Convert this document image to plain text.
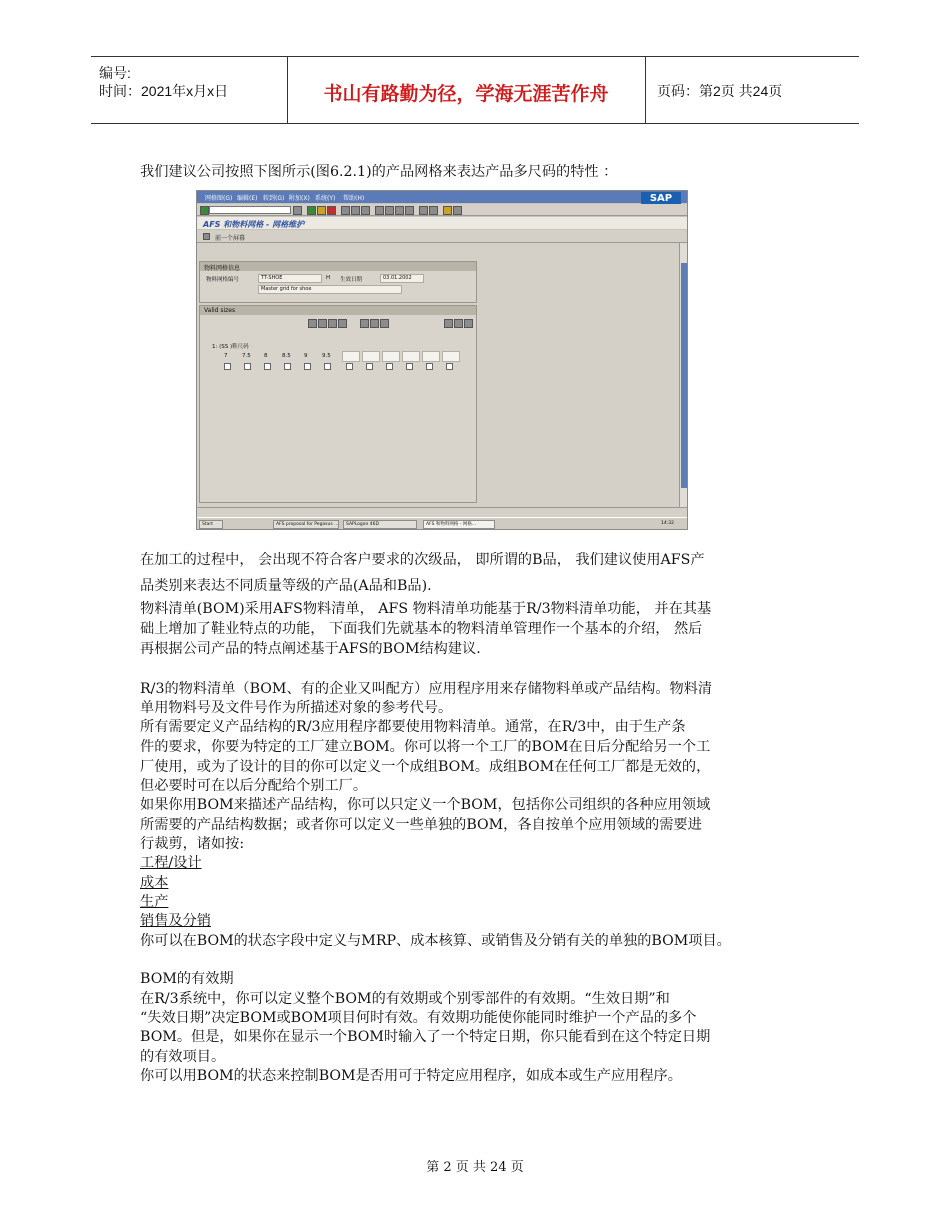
编号:
时间：2021年x月x日	书山有路勤为径，学海无涯苦作舟	页码：第2页 共24页
我们建议公司按照下图所示(图6.2.1)的产品网格来表达产品多尺码的特性 ：
网格图(G) 编辑(E) 转到(G) 附加(X) 系统(Y) 帮助(H)	SAP
AFS 和物料网格 - 网格维护
前一个屏幕
物料网格信息
物料网格编号	TT-SHOE	H 生效日期	03.01.2002
Master grid for shoe
Valid sizes
1: (SS )鞋尺码
7	7.5 8	8.5 9	9.5
Start	AFS proposal for Pegasus ...	SAPLogon 46D	AFS 和物料网格 - 网格...	14:32
在加工的过程中， 会出现不符合客户要求的次级品， 即所谓的B品， 我们建议使用AFS产
品类别来表达不同质量等级的产品(A品和B品).
物料清单(BOM)采用AFS物料清单， AFS 物料清单功能基于R/3物料清单功能， 并在其基
础上增加了鞋业特点的功能， 下面我们先就基本的物料清单管理作一个基本的介绍， 然后
再根据公司产品的特点阐述基于AFS的BOM结构建议.
R/3的物料清单（BOM、有的企业又叫配方）应用程序用来存储物料单或产品结构。物料清
单用物料号及文件号作为所描述对象的参考代号。
所有需要定义产品结构的R/3应用程序都要使用物料清单。通常，在R/3中，由于生产条
件的要求，你要为特定的工厂建立BOM。你可以将一个工厂的BOM在日后分配给另一个工
厂使用，或为了设计的目的你可以定义一个成组BOM。成组BOM在任何工厂都是无效的，
但必要时可在以后分配给个别工厂。
如果你用BOM来描述产品结构，你可以只定义一个BOM，包括你公司组织的各种应用领域
所需要的产品结构数据；或者你可以定义一些单独的BOM，各自按单个应用领域的需要进
行裁剪，诸如按:
工程/设计
成本
生产
销售及分销
你可以在BOM的状态字段中定义与MRP、成本核算、或销售及分销有关的单独的BOM项目。
BOM的有效期
在R/3系统中，你可以定义整个BOM的有效期或个别零部件的有效期。“生效日期”和
“失效日期”决定BOM或BOM项目何时有效。有效期功能使你能同时维护一个产品的多个
BOM。但是，如果你在显示一个BOM时输入了一个特定日期，你只能看到在这个特定日期
的有效项目。
你可以用BOM的状态来控制BOM是否用可于特定应用程序，如成本或生产应用程序。
第 2 页 共 24 页
